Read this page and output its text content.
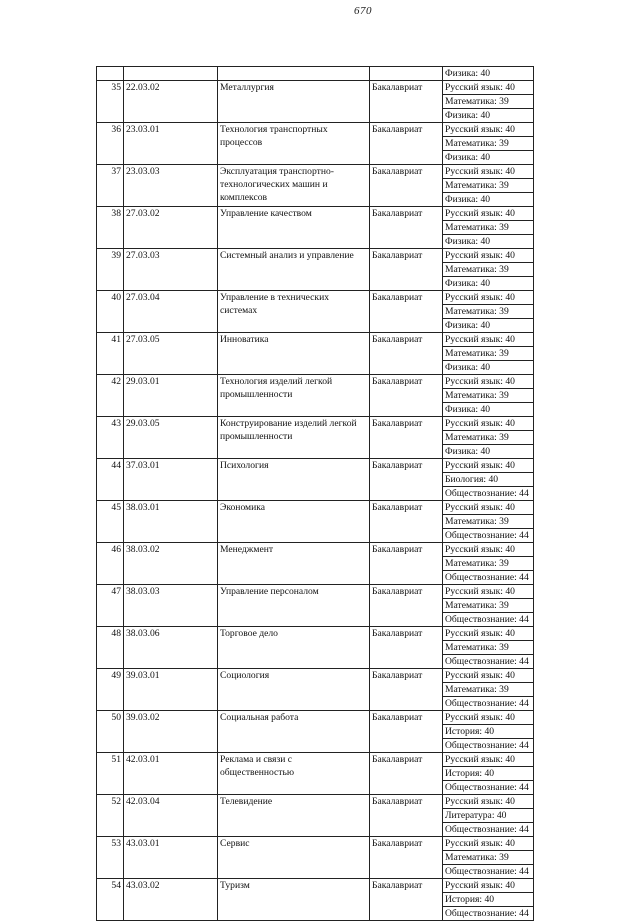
670
				Физика: 40
35	22.03.02	Металлургия	Бакалавриат	Русский язык: 40
				Математика: 39
				Физика: 40
36	23.03.01	Технология транспортных процессов	Бакалавриат	Русский язык: 40
				Математика: 39
				Физика: 40
37	23.03.03	Эксплуатация транспортно-технологических машин и комплексов	Бакалавриат	Русский язык: 40
				Математика: 39
				Физика: 40
38	27.03.02	Управление качеством	Бакалавриат	Русский язык: 40
				Математика: 39
				Физика: 40
39	27.03.03	Системный анализ и управление	Бакалавриат	Русский язык: 40
				Математика: 39
				Физика: 40
40	27.03.04	Управление в технических системах	Бакалавриат	Русский язык: 40
				Математика: 39
				Физика: 40
41	27.03.05	Инноватика	Бакалавриат	Русский язык: 40
				Математика: 39
				Физика: 40
42	29.03.01	Технология изделий легкой промышленности	Бакалавриат	Русский язык: 40
				Математика: 39
				Физика: 40
43	29.03.05	Конструирование изделий легкой промышленности	Бакалавриат	Русский язык: 40
				Математика: 39
				Физика: 40
44	37.03.01	Психология	Бакалавриат	Русский язык: 40
				Биология: 40
				Обществознание: 44
45	38.03.01	Экономика	Бакалавриат	Русский язык: 40
				Математика: 39
				Обществознание: 44
46	38.03.02	Менеджмент	Бакалавриат	Русский язык: 40
				Математика: 39
				Обществознание: 44
47	38.03.03	Управление персоналом	Бакалавриат	Русский язык: 40
				Математика: 39
				Обществознание: 44
48	38.03.06	Торговое дело	Бакалавриат	Русский язык: 40
				Математика: 39
				Обществознание: 44
49	39.03.01	Социология	Бакалавриат	Русский язык: 40
				Математика: 39
				Обществознание: 44
50	39.03.02	Социальная работа	Бакалавриат	Русский язык: 40
				История: 40
				Обществознание: 44
51	42.03.01	Реклама и связи с общественностью	Бакалавриат	Русский язык: 40
				История: 40
				Обществознание: 44
52	42.03.04	Телевидение	Бакалавриат	Русский язык: 40
				Литература: 40
				Обществознание: 44
53	43.03.01	Сервис	Бакалавриат	Русский язык: 40
				Математика: 39
				Обществознание: 44
54	43.03.02	Туризм	Бакалавриат	Русский язык: 40
				История: 40
				Обществознание: 44
